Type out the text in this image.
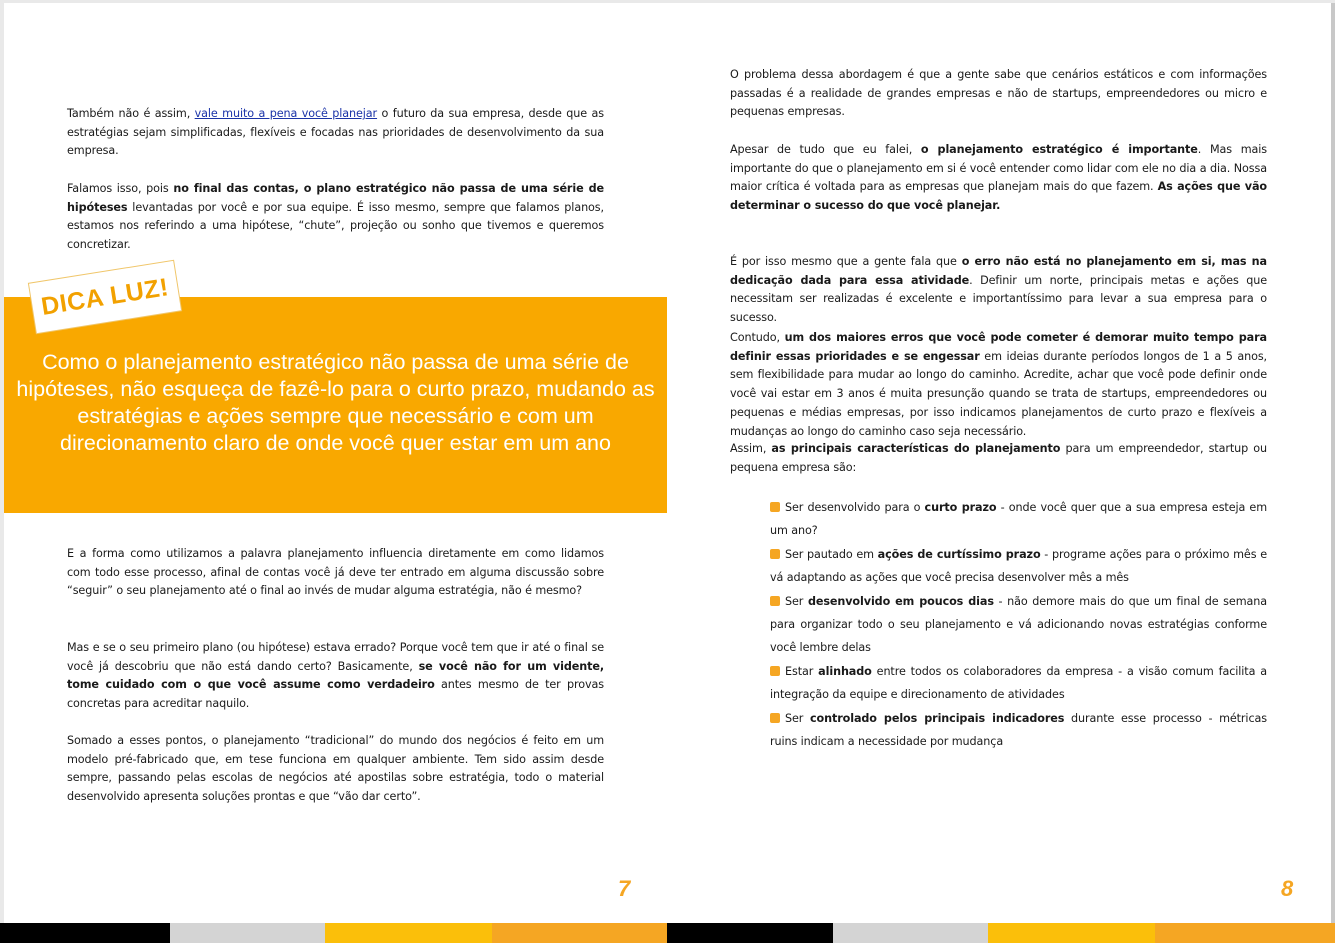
Também não é assim, vale muito a pena você planejar o futuro da sua empresa, desde que as estratégias sejam simplificadas, flexíveis e focadas nas prioridades de desenvolvimento da sua empresa.

Falamos isso, pois no final das contas, o plano estratégico não passa de uma série de hipóteses levantadas por você e por sua equipe. É isso mesmo, sempre que falamos planos, estamos nos referindo a uma hipótese, “chute”, projeção ou sonho que tivemos e queremos concretizar.

Como o planejamento estratégico não passa de uma série de hipóteses, não esqueça de fazê-lo para o curto prazo, mudando as estratégias e ações sempre que necessário e com um direcionamento claro de onde você quer estar em um ano

DICA LUZ!

E a forma como utilizamos a palavra planejamento influencia diretamente em como lidamos com todo esse processo, afinal de contas você já deve ter entrado em alguma discussão sobre “seguir” o seu planejamento até o final ao invés de mudar alguma estratégia, não é mesmo?

Mas e se o seu primeiro plano (ou hipótese) estava errado? Porque você tem que ir até o final se você já descobriu que não está dando certo? Basicamente, se você não for um vidente, tome cuidado com o que você assume como verdadeiro antes mesmo de ter provas concretas para acreditar naquilo.

Somado a esses pontos, o planejamento “tradicional” do mundo dos negócios é feito em um modelo pré-fabricado que, em tese funciona em qualquer ambiente. Tem sido assim desde sempre, passando pelas escolas de negócios até apostilas sobre estratégia, todo o material desenvolvido apresenta soluções prontas e que “vão dar certo”.

7

O problema dessa abordagem é que a gente sabe que cenários estáticos e com informações passadas é a realidade de grandes empresas e não de startups, empreendedores ou micro e pequenas empresas.

Apesar de tudo que eu falei, o planejamento estratégico é importante. Mas mais importante do que o planejamento em si é você entender como lidar com ele no dia a dia. Nossa maior crítica é voltada para as empresas que planejam mais do que fazem. As ações que vão determinar o sucesso do que você planejar.

É por isso mesmo que a gente fala que o erro não está no planejamento em si, mas na dedicação dada para essa atividade. Definir um norte, principais metas e ações que necessitam ser realizadas é excelente e importantíssimo para levar a sua empresa para o sucesso.

Contudo, um dos maiores erros que você pode cometer é demorar muito tempo para definir essas prioridades e se engessar em ideias durante períodos longos de 1 a 5 anos, sem flexibilidade para mudar ao longo do caminho. Acredite, achar que você pode definir onde você vai estar em 3 anos é muita presunção quando se trata de startups, empreendedores ou pequenas e médias empresas, por isso indicamos planejamentos de curto prazo e flexíveis a mudanças ao longo do caminho caso seja necessário.

Assim, as principais características do planejamento para um empreendedor, startup ou pequena empresa são:

Ser desenvolvido para o curto prazo - onde você quer que a sua empresa esteja em um ano?
Ser pautado em ações de curtíssimo prazo - programe ações para o próximo mês e vá adaptando as ações que você precisa desenvolver mês a mês
Ser desenvolvido em poucos dias - não demore mais do que um final de semana para organizar todo o seu planejamento e vá adicionando novas estratégias conforme você lembre delas
Estar alinhado entre todos os colaboradores da empresa - a visão comum facilita a integração da equipe e direcionamento de atividades
Ser controlado pelos principais indicadores durante esse processo - métricas ruins indicam a necessidade por mudança
8
